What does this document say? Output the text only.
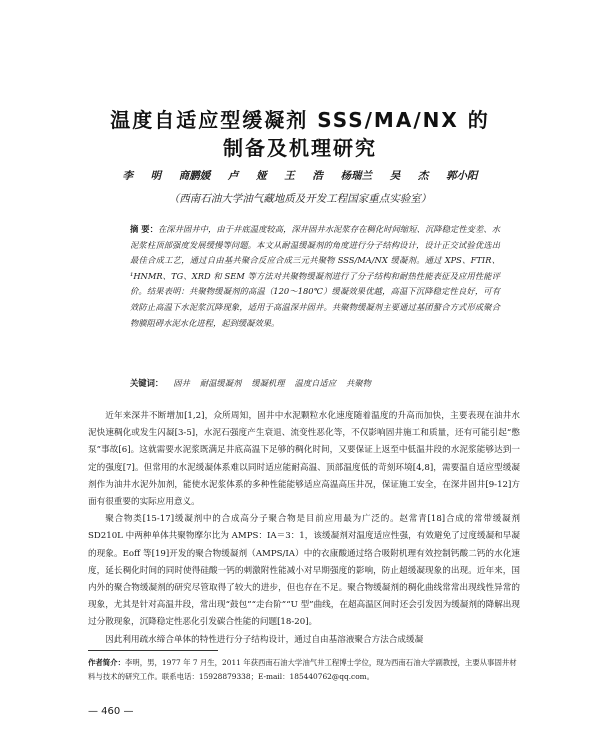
温度自适应型缓凝剂 SSS/MA/NX 的
制备及机理研究
李 明 商鹏媛 卢 娅 王 浩 杨瑞兰 吴 杰 郭小阳
（西南石油大学油气藏地质及开发工程国家重点实验室）
摘 要：在深井固井中，由于井底温度较高，深井固井水泥浆存在稠化时间缩短、沉降稳定性变差、水泥浆柱顶部强度发展缓慢等问题。本文从耐温缓凝剂的角度进行分子结构设计，设计正交试验优选出最佳合成工艺，通过自由基共聚合反应合成三元共聚物 SSS/MA/NX 缓凝剂。通过 XPS、FTIR、¹HNMR、TG、XRD 和 SEM 等方法对共聚物缓凝剂进行了分子结构和耐热性能表征及应用性能评价。结果表明：共聚物缓凝剂的高温（120～180℃）缓凝效果优越，高温下沉降稳定性良好，可有效防止高温下水泥浆沉降现象，适用于高温深井固井。共聚物缓凝剂主要通过基团螯合方式形成聚合物膜阻碍水泥水化进程，起到缓凝效果。
关键词： 固井 耐温缓凝剂 缓凝机理 温度自适应 共聚物

近年来深井不断增加[1,2]，众所周知，固井中水泥颗粒水化速度随着温度的升高而加快，主要表现在油井水泥快速稠化或发生闪凝[3-5]，水泥石强度产生衰退、流变性恶化等，不仅影响固井施工和质量，还有可能引起“憋泵”事故[6]。这就需要水泥浆既满足井底高温下足够的稠化时间，又要保证上返至中低温井段的水泥浆能够达到一定的强度[7]。但常用的水泥缓凝体系难以同时适应能耐高温、顶部温度低的苛刻环境[4,8]，需要温自适应型缓凝剂作为油井水泥外加剂，能使水泥浆体系的多种性能能够适应高温高压井况，保证施工安全，在深井固井[9-12]方面有很重要的实际应用意义。

聚合物类[15-17]缓凝剂中的合成高分子聚合物是目前应用最为广泛的。赵常青[18]合成的常带缓凝剂 SD210L 中两种单体共聚物摩尔比为 AMPS：IA＝3：1，该缓凝剂对温度适应性强，有效避免了过度缓凝和早凝的现象。Eoff 等[19]开发的聚合物缓凝剂（AMPS/IA）中的衣康酸通过络合吸附机理有效控制钙酸二钙的水化速度，延长稠化时间的同时使得硅酸一钙的刺激附性能减小对早期强度的影响，防止超缓凝现象的出现。近年来，国内外的聚合物缓凝剂的研究尽管取得了较大的进步，但也存在不足。聚合物缓凝剂的稠化曲线常常出现线性异常的现象，尤其是针对高温井段，常出现“鼓包”“走台阶”“U 型”曲线，在超高温区间时还会引发因为缓凝剂的降解出现过分散现象，沉降稳定性恶化引发碳合性能的问题[18-20]。

因此利用疏水缔合单体的特性进行分子结构设计，通过自由基溶液聚合方法合成缓凝

作者简介：李明，男，1977 年 7 月生，2011 年获西南石油大学油气井工程博士学位，现为西南石油大学副教授，主要从事固井材料与技术的研究工作。联系电话：15928879338；E-mail：185440762@qq.com。
— 460 —
